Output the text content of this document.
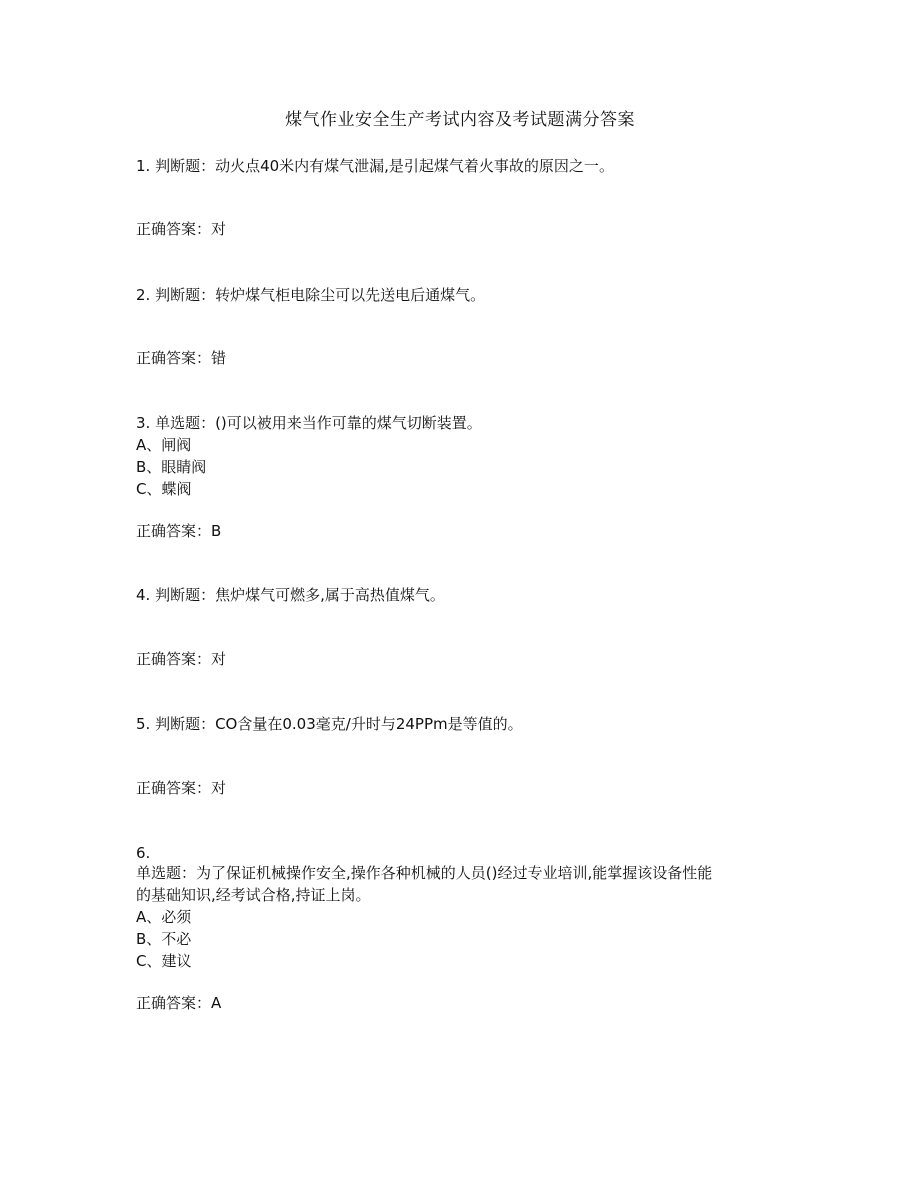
煤气作业安全生产考试内容及考试题满分答案
1. 判断题：动火点40米内有煤气泄漏,是引起煤气着火事故的原因之一。
正确答案：对
2. 判断题：转炉煤气柜电除尘可以先送电后通煤气。
正确答案：错
3. 单选题：()可以被用来当作可靠的煤气切断装置。
A、闸阀
B、眼睛阀
C、蝶阀
正确答案：B
4. 判断题：焦炉煤气可燃多,属于高热值煤气。
正确答案：对
5. 判断题：CO含量在0.03毫克/升时与24PPm是等值的。
正确答案：对
6.
单选题：为了保证机械操作安全,操作各种机械的人员()经过专业培训,能掌握该设备性能
的基础知识,经考试合格,持证上岗。
A、必须
B、不必
C、建议
正确答案：A
